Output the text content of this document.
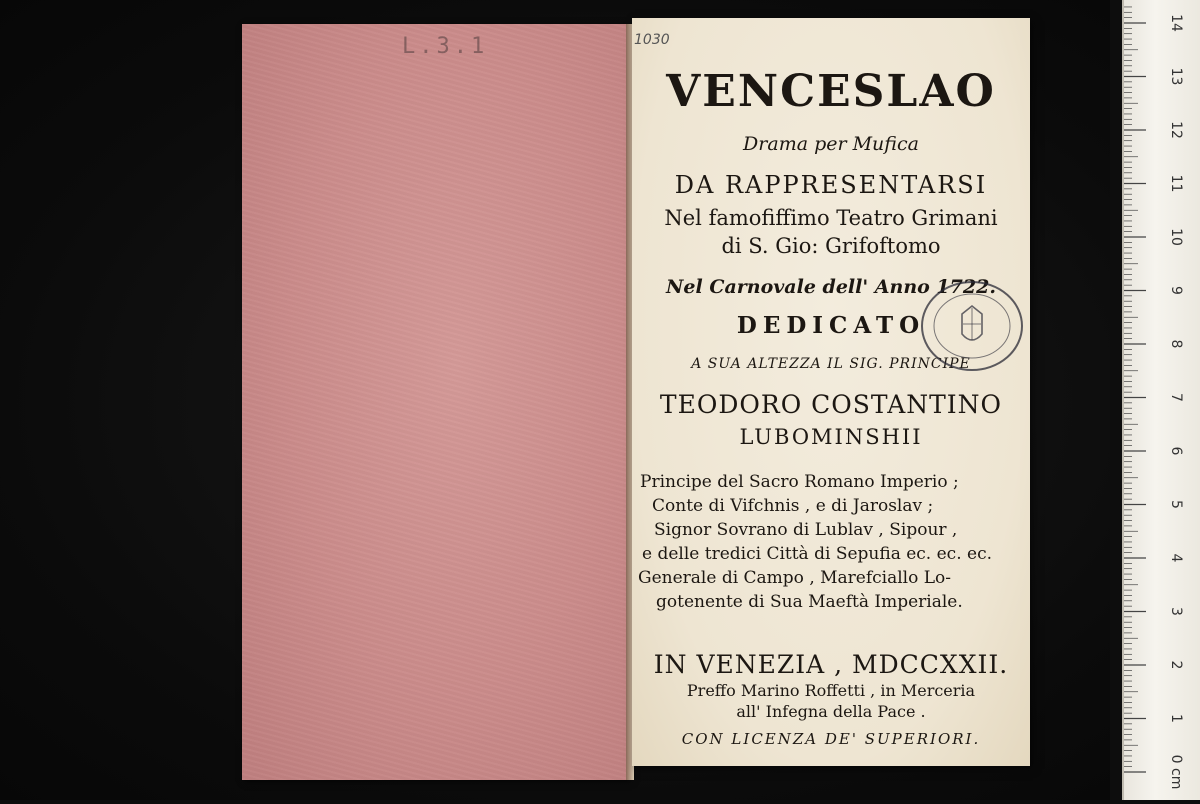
L.3.1	1030
VENCESLAO
Drama per Mufica
DA RAPPRESENTARSI
Nel famofiffimo Teatro Grimani
di S. Gio: Grifoftomo
Nel Carnovale dell' Anno 1722.
DEDICATO
A SUA ALTEZZA IL SIG. PRINCIPE
TEODORO COSTANTINO
LUBOMINSHII
Principe del Sacro Romano Imperio ;
Conte di Vifchnis , e di Jaroslav ;
Signor Sovrano di Lublav , Sipour ,
e delle tredici Città di Sepufia ec. ec. ec.
Generale di Campo , Marefciallo Lo-
gotenente di Sua Maeftà Imperiale.
IN VENEZIA , MDCCXXII.
Preffo Marino Roffetti , in Merceria
all' Infegna della Pace .
CON LICENZA DE' SUPERIORI.
14
13
12
11
10
9
8
7
6
5
4
3
2
1
0 cm
